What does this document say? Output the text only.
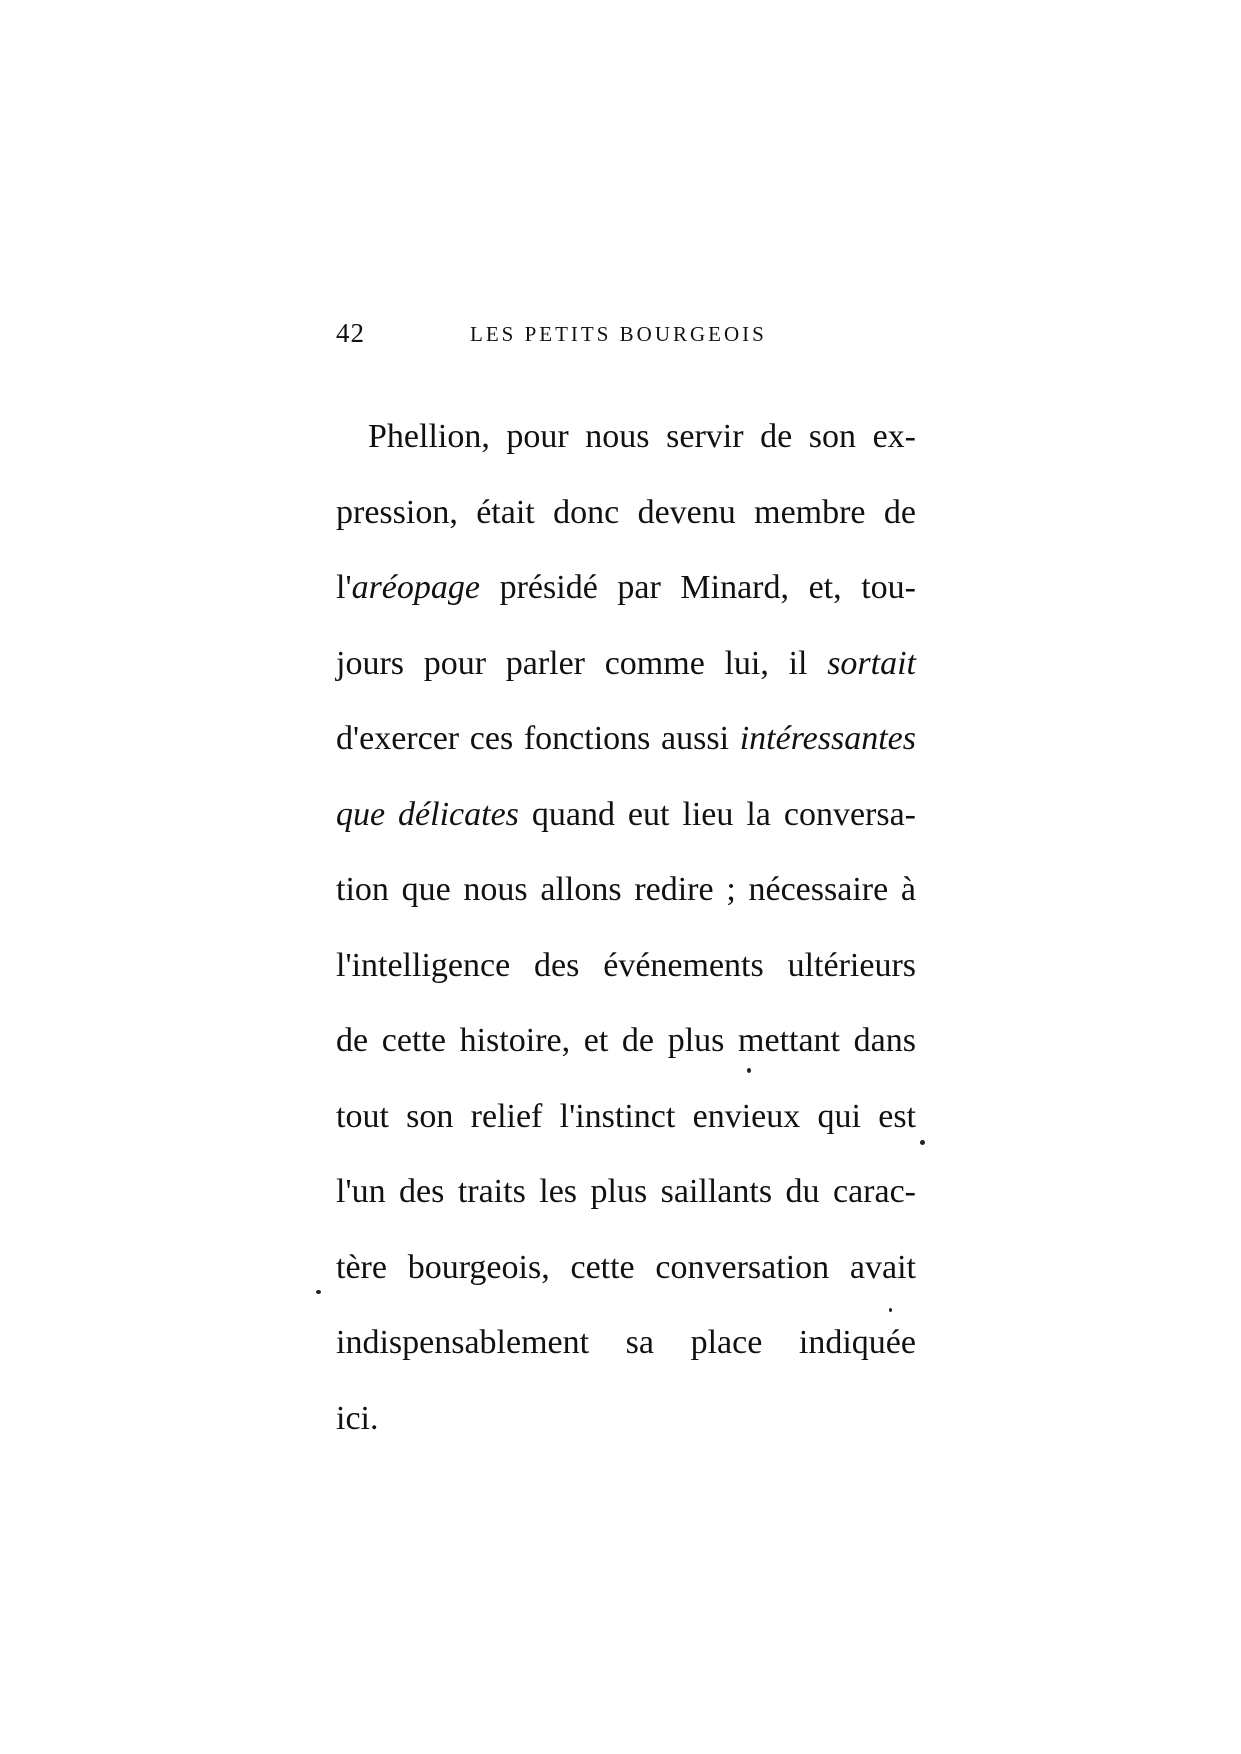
42	LES PETITS BOURGEOIS
Phellion, pour nous servir de son ex-
pression, était donc devenu membre de
l'aréopage présidé par Minard, et, tou-
jours pour parler comme lui, il sortait
d'exercer ces fonctions aussi intéressantes
que délicates quand eut lieu la conversa-
tion que nous allons redire ; nécessaire à
l'intelligence des événements ultérieurs
de cette histoire, et de plus mettant dans
tout son relief l'instinct envieux qui est
l'un des traits les plus saillants du carac-
tère bourgeois, cette conversation avait
indispensablement sa place indiquée
ici.
